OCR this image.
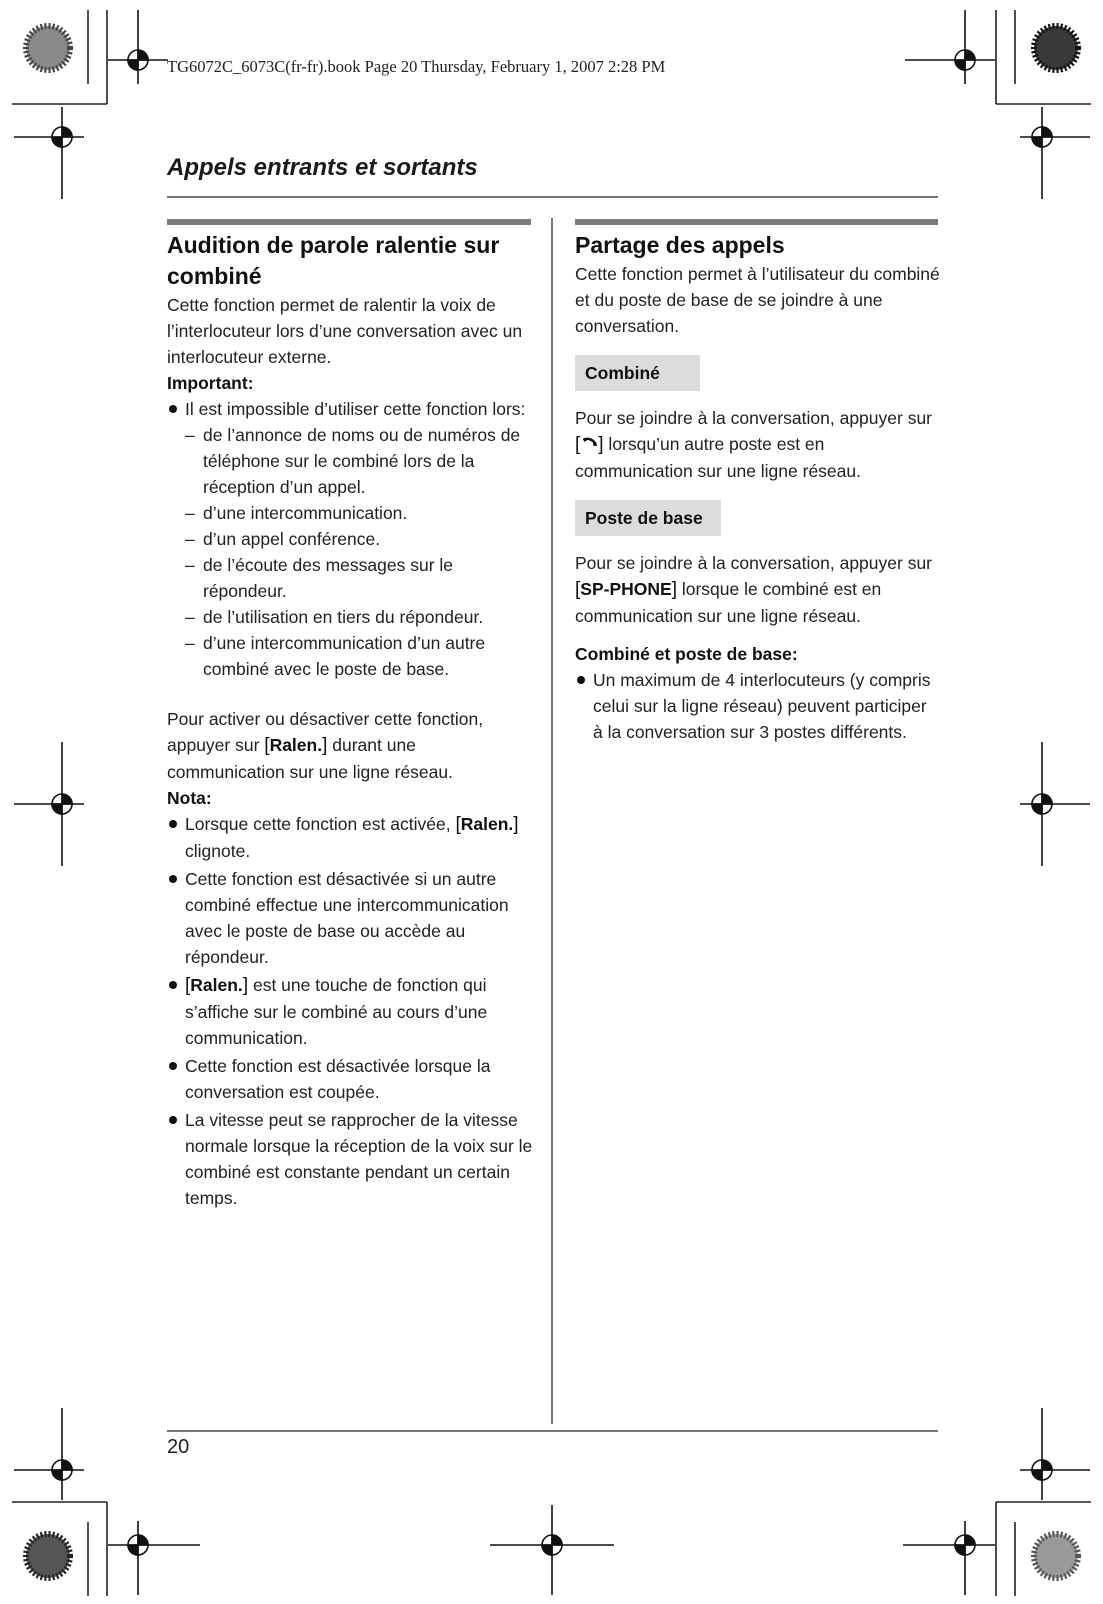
TG6072C_6073C(fr-fr).book Page 20 Thursday, February 1, 2007 2:28 PM
Appels entrants et sortants
Audition de parole ralentie sur combiné

Cette fonction permet de ralentir la voix de l’interlocuteur lors d’une conversation avec un interlocuteur externe.

Important:

Il est impossible d’utiliser cette fonction lors:
– de l’annonce de noms ou de numéros de téléphone sur le combiné lors de la réception d’un appel.
– d’une intercommunication.
– d’un appel conférence.
– de l’écoute des messages sur le répondeur.
– de l’utilisation en tiers du répondeur.
– d’une intercommunication d’un autre combiné avec le poste de base.

Pour activer ou désactiver cette fonction, appuyer sur [Ralen.] durant une communication sur une ligne réseau.

Nota:

Lorsque cette fonction est activée, [Ralen.] clignote.
Cette fonction est désactivée si un autre combiné effectue une intercommunication avec le poste de base ou accède au répondeur.
[Ralen.] est une touche de fonction qui s’affiche sur le combiné au cours d’une communication.
Cette fonction est désactivée lorsque la conversation est coupée.
La vitesse peut se rapprocher de la vitesse normale lorsque la réception de la voix sur le combiné est constante pendant un certain temps.
Partage des appels

Cette fonction permet à l’utilisateur du combiné et du poste de base de se joindre à une conversation.

Combiné

Pour se joindre à la conversation, appuyer sur [ ] lorsqu’un autre poste est en communication sur une ligne réseau.

Poste de base

Pour se joindre à la conversation, appuyer sur [SP-PHONE] lorsque le combiné est en communication sur une ligne réseau.

Combiné et poste de base:

Un maximum de 4 interlocuteurs (y compris celui sur la ligne réseau) peuvent participer à la conversation sur 3 postes différents.
20
